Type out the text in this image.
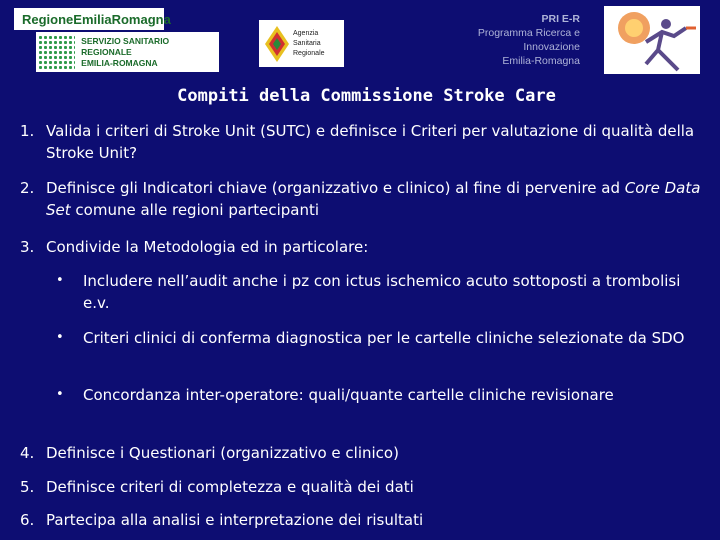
RegioneEmiliaRomagna
SERVIZIO SANITARIO REGIONALE
EMILIA-ROMAGNA
Agenzia
Sanitaria
Regionale
PRI E-R
Programma Ricerca e
Innovazione
Emilia-Romagna
Compiti della Commissione Stroke Care
1. Valida i criteri di Stroke Unit (SUTC) e definisce i Criteri per valutazione di qualità della Stroke Unit?
2. Definisce gli Indicatori chiave (organizzativo e clinico) al fine di pervenire ad Core Data Set comune alle regioni partecipanti
3. Condivide la Metodologia ed in particolare:
•	Includere nell’audit anche i pz con ictus ischemico acuto sottoposti a trombolisi e.v.
•	Criteri clinici di conferma diagnostica per le cartelle cliniche selezionate da SDO
•	Concordanza inter-operatore: quali/quante cartelle cliniche revisionare
4. Definisce i Questionari (organizzativo e clinico)
5. Definisce criteri di completezza e qualità dei dati
6. Partecipa alla analisi e interpretazione dei risultati
